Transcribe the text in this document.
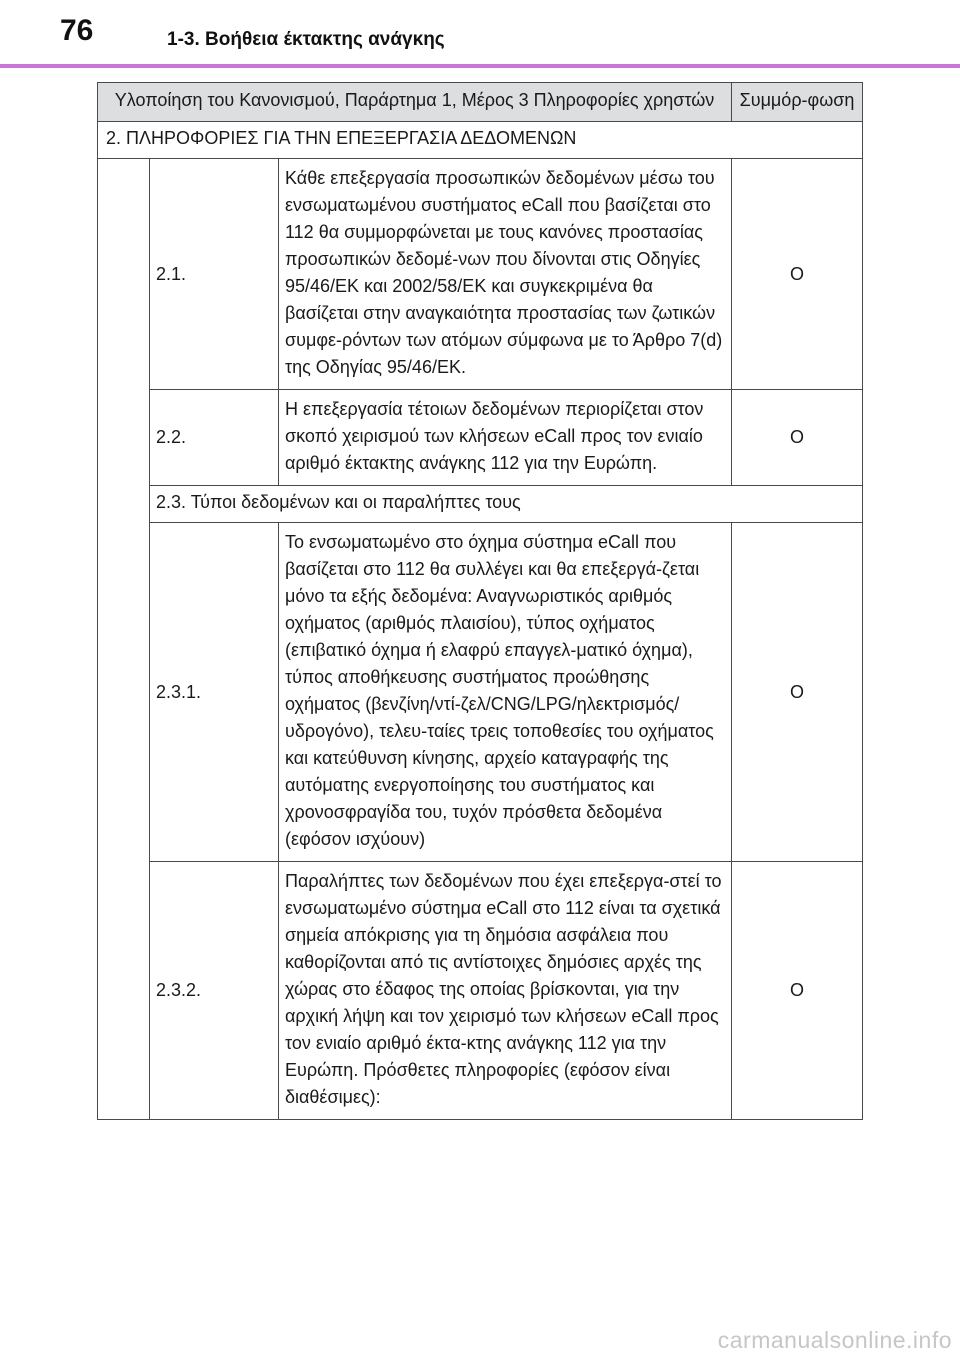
76	1-3. Βοήθεια έκτακτης ανάγκης
Υλοποίηση του Κανονισμού, Παράρτημα 1, Μέρος 3 Πληροφορίες χρηστών			Συμμόρ-φωση
2. ΠΛΗΡΟΦΟΡΙΕΣ ΓΙΑ ΤΗΝ ΕΠΕΞΕΡΓΑΣΙΑ ΔΕΔΟΜΕΝΩΝ			
	2.1.	Κάθε επεξεργασία προσωπικών δεδομένων μέσω του ενσωματωμένου συστήματος eCall που βασίζεται στο 112 θα συμμορφώνεται με τους κανόνες προστασίας προσωπικών δεδομέ-νων που δίνονται στις Οδηγίες 95/46/ΕΚ και 2002/58/ΕΚ και συγκεκριμένα θα βασίζεται στην αναγκαιότητα προστασίας των ζωτικών συμφε-ρόντων των ατόμων σύμφωνα με το Άρθρο 7(d) της Οδηγίας 95/46/ΕΚ.	O
	2.2.	Η επεξεργασία τέτοιων δεδομένων περιορίζεται στον σκοπό χειρισμού των κλήσεων eCall προς τον ενιαίο αριθμό έκτακτης ανάγκης 112 για την Ευρώπη.	O
	2.3. Τύποι δεδομένων και οι παραλήπτες τους		
	2.3.1.	Το ενσωματωμένο στο όχημα σύστημα eCall που βασίζεται στο 112 θα συλλέγει και θα επεξεργά-ζεται μόνο τα εξής δεδομένα: Αναγνωριστικός αριθμός οχήματος (αριθμός πλαισίου), τύπος οχήματος (επιβατικό όχημα ή ελαφρύ επαγγελ-ματικό όχημα), τύπος αποθήκευσης συστήματος προώθησης οχήματος (βενζίνη/ντί-ζελ/CNG/LPG/ηλεκτρισμός/υδρογόνο), τελευ-ταίες τρεις τοποθεσίες του οχήματος και κατεύθυνση κίνησης, αρχείο καταγραφής της αυτόματης ενεργοποίησης του συστήματος και χρονοσφραγίδα του, τυχόν πρόσθετα δεδομένα (εφόσον ισχύουν)	O
	2.3.2.	Παραλήπτες των δεδομένων που έχει επεξεργα-στεί το ενσωματωμένο σύστημα eCall στο 112 είναι τα σχετικά σημεία απόκρισης για τη δημόσια ασφάλεια που καθορίζονται από τις αντίστοιχες δημόσιες αρχές της χώρας στο έδαφος της οποίας βρίσκονται, για την αρχική λήψη και τον χειρισμό των κλήσεων eCall προς τον ενιαίο αριθμό έκτα-κτης ανάγκης 112 για την Ευρώπη. Πρόσθετες πληροφορίες (εφόσον είναι διαθέσιμες):	O
carmanualsonline.info
